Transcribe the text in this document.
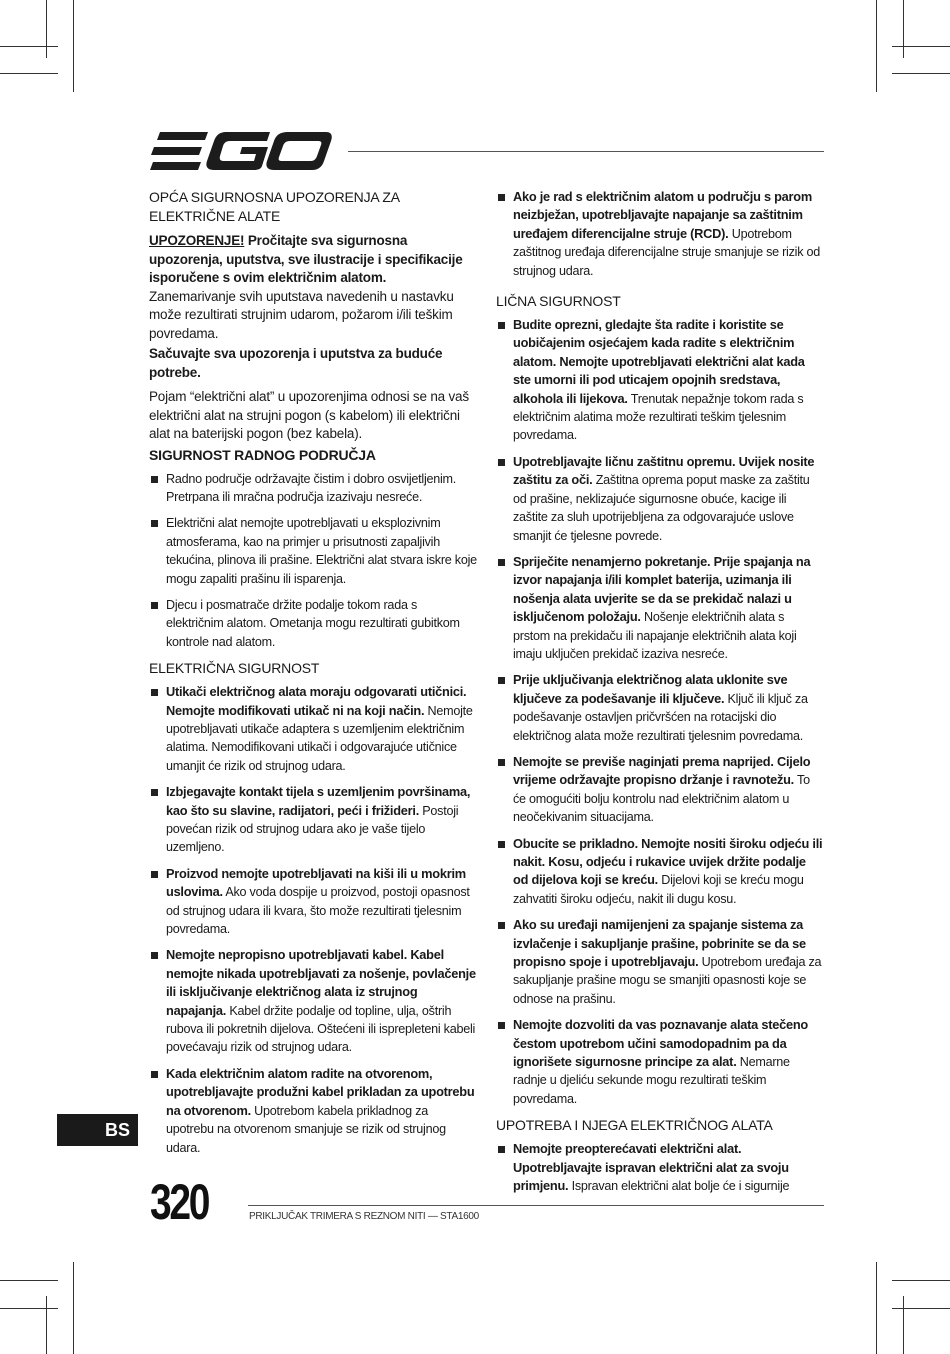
OPĆA SIGURNOSNA UPOZORENJA ZA ELEKTRIČNE ALATE

UPOZORENJE! Pročitajte sva sigurnosna upozorenja, uputstva, sve ilustracije i specifikacije isporučene s ovim električnim alatom.

Zanemarivanje svih uputstava navedenih u nastavku može rezultirati strujnim udarom, požarom i/ili teškim povredama.

Sačuvajte sva upozorenja i uputstva za buduće potrebe.

Pojam “električni alat” u upozorenjima odnosi se na vaš električni alat na strujni pogon (s kabelom) ili električni alat na baterijski pogon (bez kabela).

SIGURNOST RADNOG PODRUČJA
Radno područje održavajte čistim i dobro osvijetljenim. Pretrpana ili mračna područja izazivaju nesreće.
Električni alat nemojte upotrebljavati u eksplozivnim atmosferama, kao na primjer u prisutnosti zapaljivih tekućina, plinova ili prašine. Električni alat stvara iskre koje mogu zapaliti prašinu ili isparenja.
Djecu i posmatrače držite podalje tokom rada s električnim alatom. Ometanja mogu rezultirati gubitkom kontrole nad alatom.
ELEKTRIČNA SIGURNOST
Utikači električnog alata moraju odgovarati utičnici. Nemojte modifikovati utikač ni na koji način. Nemojte upotrebljavati utikače adaptera s uzemljenim električnim alatima. Nemodifikovani utikači i odgovarajuće utičnice umanjit će rizik od strujnog udara.
Izbjegavajte kontakt tijela s uzemljenim površinama, kao što su slavine, radijatori, peći i frižideri. Postoji povećan rizik od strujnog udara ako je vaše tijelo uzemljeno.
Proizvod nemojte upotrebljavati na kiši ili u mokrim uslovima. Ako voda dospije u proizvod, postoji opasnost od strujnog udara ili kvara, što može rezultirati tjelesnim povredama.
Nemojte nepropisno upotrebljavati kabel. Kabel nemojte nikada upotrebljavati za nošenje, povlačenje ili isključivanje električnog alata iz strujnog napajanja. Kabel držite podalje od topline, ulja, oštrih rubova ili pokretnih dijelova. Oštećeni ili isprepleteni kabeli povećavaju rizik od strujnog udara.
Kada električnim alatom radite na otvorenom, upotrebljavajte produžni kabel prikladan za upotrebu na otvorenom. Upotrebom kabela prikladnog za upotrebu na otvorenom smanjuje se rizik od strujnog udara.
Ako je rad s električnim alatom u području s parom neizbježan, upotrebljavajte napajanje sa zaštitnim uređajem diferencijalne struje (RCD). Upotrebom zaštitnog uređaja diferencijalne struje smanjuje se rizik od strujnog udara.
LIČNA SIGURNOST
Budite oprezni, gledajte šta radite i koristite se uobičajenim osjećajem kada radite s električnim alatom. Nemojte upotrebljavati električni alat kada ste umorni ili pod uticajem opojnih sredstava, alkohola ili lijekova. Trenutak nepažnje tokom rada s električnim alatima može rezultirati teškim tjelesnim povredama.
Upotrebljavajte ličnu zaštitnu opremu. Uvijek nosite zaštitu za oči. Zaštitna oprema poput maske za zaštitu od prašine, neklizajuće sigurnosne obuće, kacige ili zaštite za sluh upotrijebljena za odgovarajuće uslove smanjit će tjelesne povrede.
Spriječite nenamjerno pokretanje. Prije spajanja na izvor napajanja i/ili komplet baterija, uzimanja ili nošenja alata uvjerite se da se prekidač nalazi u isključenom položaju. Nošenje električnih alata s prstom na prekidaču ili napajanje električnih alata koji imaju uključen prekidač izaziva nesreće.
Prije uključivanja električnog alata uklonite sve ključeve za podešavanje ili ključeve. Ključ ili ključ za podešavanje ostavljen pričvršćen na rotacijski dio električnog alata može rezultirati tjelesnim povredama.
Nemojte se previše naginjati prema naprijed. Cijelo vrijeme održavajte propisno držanje i ravnotežu. To će omogućiti bolju kontrolu nad električnim alatom u neočekivanim situacijama.
Obucite se prikladno. Nemojte nositi široku odjeću ili nakit. Kosu, odjeću i rukavice uvijek držite podalje od dijelova koji se kreću. Dijelovi koji se kreću mogu zahvatiti široku odjeću, nakit ili dugu kosu.
Ako su uređaji namijenjeni za spajanje sistema za izvlačenje i sakupljanje prašine, pobrinite se da se propisno spoje i upotrebljavaju. Upotrebom uređaja za sakupljanje prašine mogu se smanjiti opasnosti koje se odnose na prašinu.
Nemojte dozvoliti da vas poznavanje alata stečeno čestom upotrebom učini samodopadnim pa da ignorišete sigurnosne principe za alat. Nemarne radnje u djeliću sekunde mogu rezultirati teškim povredama.
UPOTREBA I NJEGA ELEKTRIČNOG ALATA
Nemojte preopterećavati električni alat. Upotrebljavajte ispravan električni alat za svoju primjenu. Ispravan električni alat bolje će i sigurnije
BS
320	PRIKLJUČAK TRIMERA S REZNOM NITI — STA1600
